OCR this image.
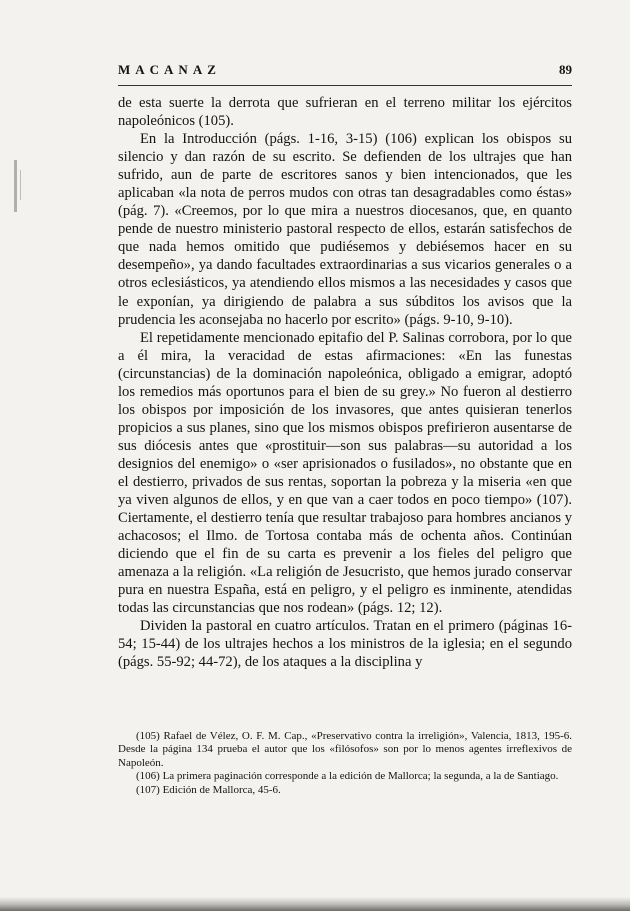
MACANAZ	89

de esta suerte la derrota que sufrieran en el terreno militar los ejércitos napoleónicos (105).

En la Introducción (págs. 1-16, 3-15) (106) explican los obispos su silencio y dan razón de su escrito. Se defienden de los ultrajes que han sufrido, aun de parte de escritores sanos y bien intencionados, que les aplicaban «la nota de perros mudos con otras tan desagradables como éstas» (pág. 7). «Creemos, por lo que mira a nuestros diocesanos, que, en quanto pende de nuestro ministerio pastoral respecto de ellos, estarán satisfechos de que nada hemos omitido que pudiésemos y debiésemos hacer en su desempeño», ya dando facultades extraordinarias a sus vicarios generales o a otros eclesiásticos, ya atendiendo ellos mismos a las necesidades y casos que le exponían, ya dirigiendo de palabra a sus súbditos los avisos que la prudencia les aconsejaba no hacerlo por escrito» (págs. 9-10, 9-10).

El repetidamente mencionado epitafio del P. Salinas corrobora, por lo que a él mira, la veracidad de estas afirmaciones: «En las funestas (circunstancias) de la dominación napoleónica, obligado a emigrar, adoptó los remedios más oportunos para el bien de su grey.» No fueron al destierro los obispos por imposición de los invasores, que antes quisieran tenerlos propicios a sus planes, sino que los mismos obispos prefirieron ausentarse de sus diócesis antes que «prostituir—son sus palabras—su autoridad a los designios del enemigo» o «ser aprisionados o fusilados», no obstante que en el destierro, privados de sus rentas, soportan la pobreza y la miseria «en que ya viven algunos de ellos, y en que van a caer todos en poco tiempo» (107). Ciertamente, el destierro tenía que resultar trabajoso para hombres ancianos y achacosos; el Ilmo. de Tortosa contaba más de ochenta años. Continúan diciendo que el fin de su carta es prevenir a los fieles del peligro que amenaza a la religión. «La religión de Jesucristo, que hemos jurado conservar pura en nuestra España, está en peligro, y el peligro es inminente, atendidas todas las circunstancias que nos rodean» (págs. 12; 12).

Dividen la pastoral en cuatro artículos. Tratan en el primero (páginas 16-54; 15-44) de los ultrajes hechos a los ministros de la iglesia; en el segundo (págs. 55-92; 44-72), de los ataques a la disciplina y

(105) Rafael de Vélez, O. F. M. Cap., «Preservativo contra la irreligión», Valencia, 1813, 195-6. Desde la página 134 prueba el autor que los «filósofos» son por lo menos agentes irreflexivos de Napoleón.

(106) La primera paginación corresponde a la edición de Mallorca; la segunda, a la de Santiago.

(107) Edición de Mallorca, 45-6.
